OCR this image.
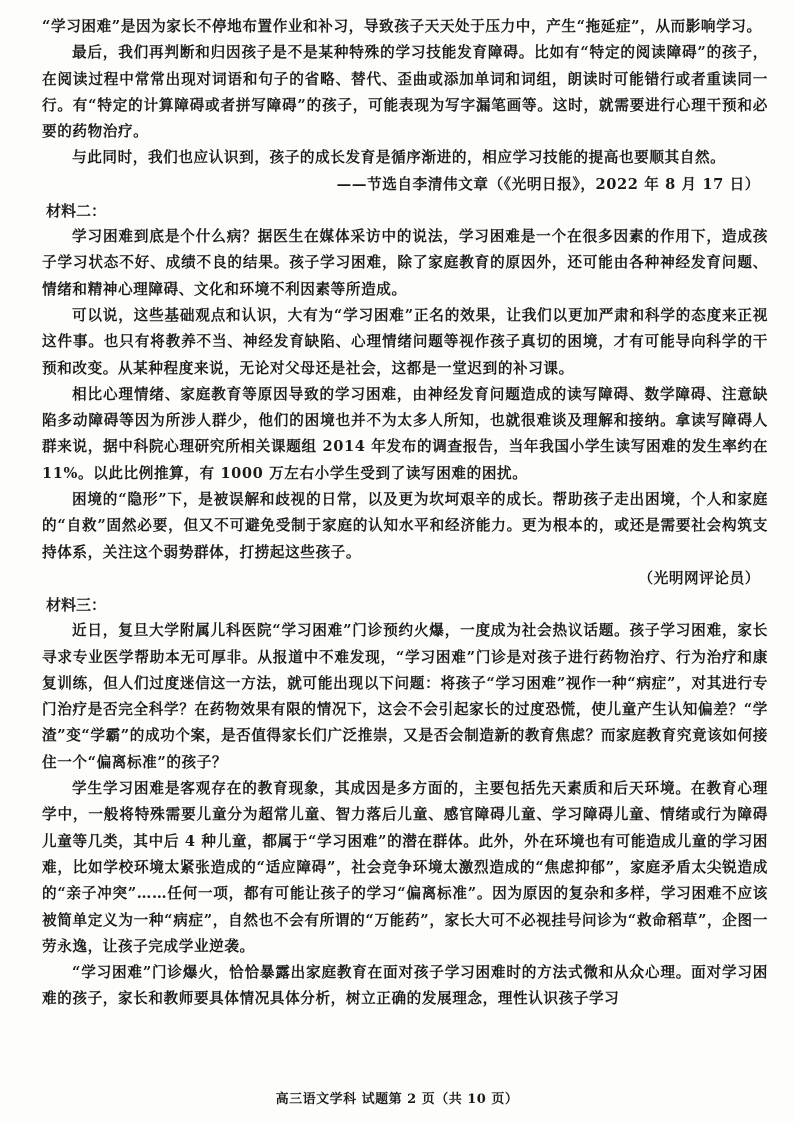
“学习困难”是因为家长不停地布置作业和补习，导致孩子天天处于压力中，产生“拖延症”，从而影响学习。

最后，我们再判断和归因孩子是不是某种特殊的学习技能发育障碍。比如有“特定的阅读障碍”的孩子，在阅读过程中常常出现对词语和句子的省略、替代、歪曲或添加单词和词组，朗读时可能错行或者重读同一行。有“特定的计算障碍或者拼写障碍”的孩子，可能表现为写字漏笔画等。这时，就需要进行心理干预和必要的药物治疗。

与此同时，我们也应认识到，孩子的成长发育是循序渐进的，相应学习技能的提高也要顺其自然。

——节选自李清伟文章（《光明日报》，2022 年 8 月 17 日）

材料二：

学习困难到底是个什么病？据医生在媒体采访中的说法，学习困难是一个在很多因素的作用下，造成孩子学习状态不好、成绩不良的结果。孩子学习困难，除了家庭教育的原因外，还可能由各种神经发育问题、情绪和精神心理障碍、文化和环境不利因素等所造成。

可以说，这些基础观点和认识，大有为“学习困难”正名的效果，让我们以更加严肃和科学的态度来正视这件事。也只有将教养不当、神经发育缺陷、心理情绪问题等视作孩子真切的困境，才有可能导向科学的干预和改变。从某种程度来说，无论对父母还是社会，这都是一堂迟到的补习课。

相比心理情绪、家庭教育等原因导致的学习困难，由神经发育问题造成的读写障碍、数学障碍、注意缺陷多动障碍等因为所涉人群少，他们的困境也并不为太多人所知，也就很难谈及理解和接纳。拿读写障碍人群来说，据中科院心理研究所相关课题组 2014 年发布的调查报告，当年我国小学生读写困难的发生率约在 11%。以此比例推算，有 1000 万左右小学生受到了读写困难的困扰。

困境的“隐形”下，是被误解和歧视的日常，以及更为坎坷艰辛的成长。帮助孩子走出困境，个人和家庭的“自救”固然必要，但又不可避免受制于家庭的认知水平和经济能力。更为根本的，或还是需要社会构筑支持体系，关注这个弱势群体，打捞起这些孩子。

（光明网评论员）

材料三：

近日，复旦大学附属儿科医院“学习困难”门诊预约火爆，一度成为社会热议话题。孩子学习困难，家长寻求专业医学帮助本无可厚非。从报道中不难发现，“学习困难”门诊是对孩子进行药物治疗、行为治疗和康复训练，但人们过度迷信这一方法，就可能出现以下问题：将孩子“学习困难”视作一种“病症”，对其进行专门治疗是否完全科学？在药物效果有限的情况下，这会不会引起家长的过度恐慌，使儿童产生认知偏差？“学渣”变“学霸”的成功个案，是否值得家长们广泛推崇，又是否会制造新的教育焦虑？而家庭教育究竟该如何接住一个“偏离标准”的孩子？

学生学习困难是客观存在的教育现象，其成因是多方面的，主要包括先天素质和后天环境。在教育心理学中，一般将特殊需要儿童分为超常儿童、智力落后儿童、感官障碍儿童、学习障碍儿童、情绪或行为障碍儿童等几类，其中后 4 种儿童，都属于“学习困难”的潜在群体。此外，外在环境也有可能造成儿童的学习困难，比如学校环境太紧张造成的“适应障碍”，社会竞争环境太激烈造成的“焦虑抑郁”，家庭矛盾太尖锐造成的“亲子冲突”……任何一项，都有可能让孩子的学习“偏离标准”。因为原因的复杂和多样，学习困难不应该被简单定义为一种“病症”，自然也不会有所谓的“万能药”，家长大可不必视挂号问诊为“救命稻草”，企图一劳永逸，让孩子完成学业逆袭。

“学习困难”门诊爆火，恰恰暴露出家庭教育在面对孩子学习困难时的方法式微和从众心理。面对学习困难的孩子，家长和教师要具体情况具体分析，树立正确的发展理念，理性认识孩子学习

高三语文学科 试题第 2 页（共 10 页）
